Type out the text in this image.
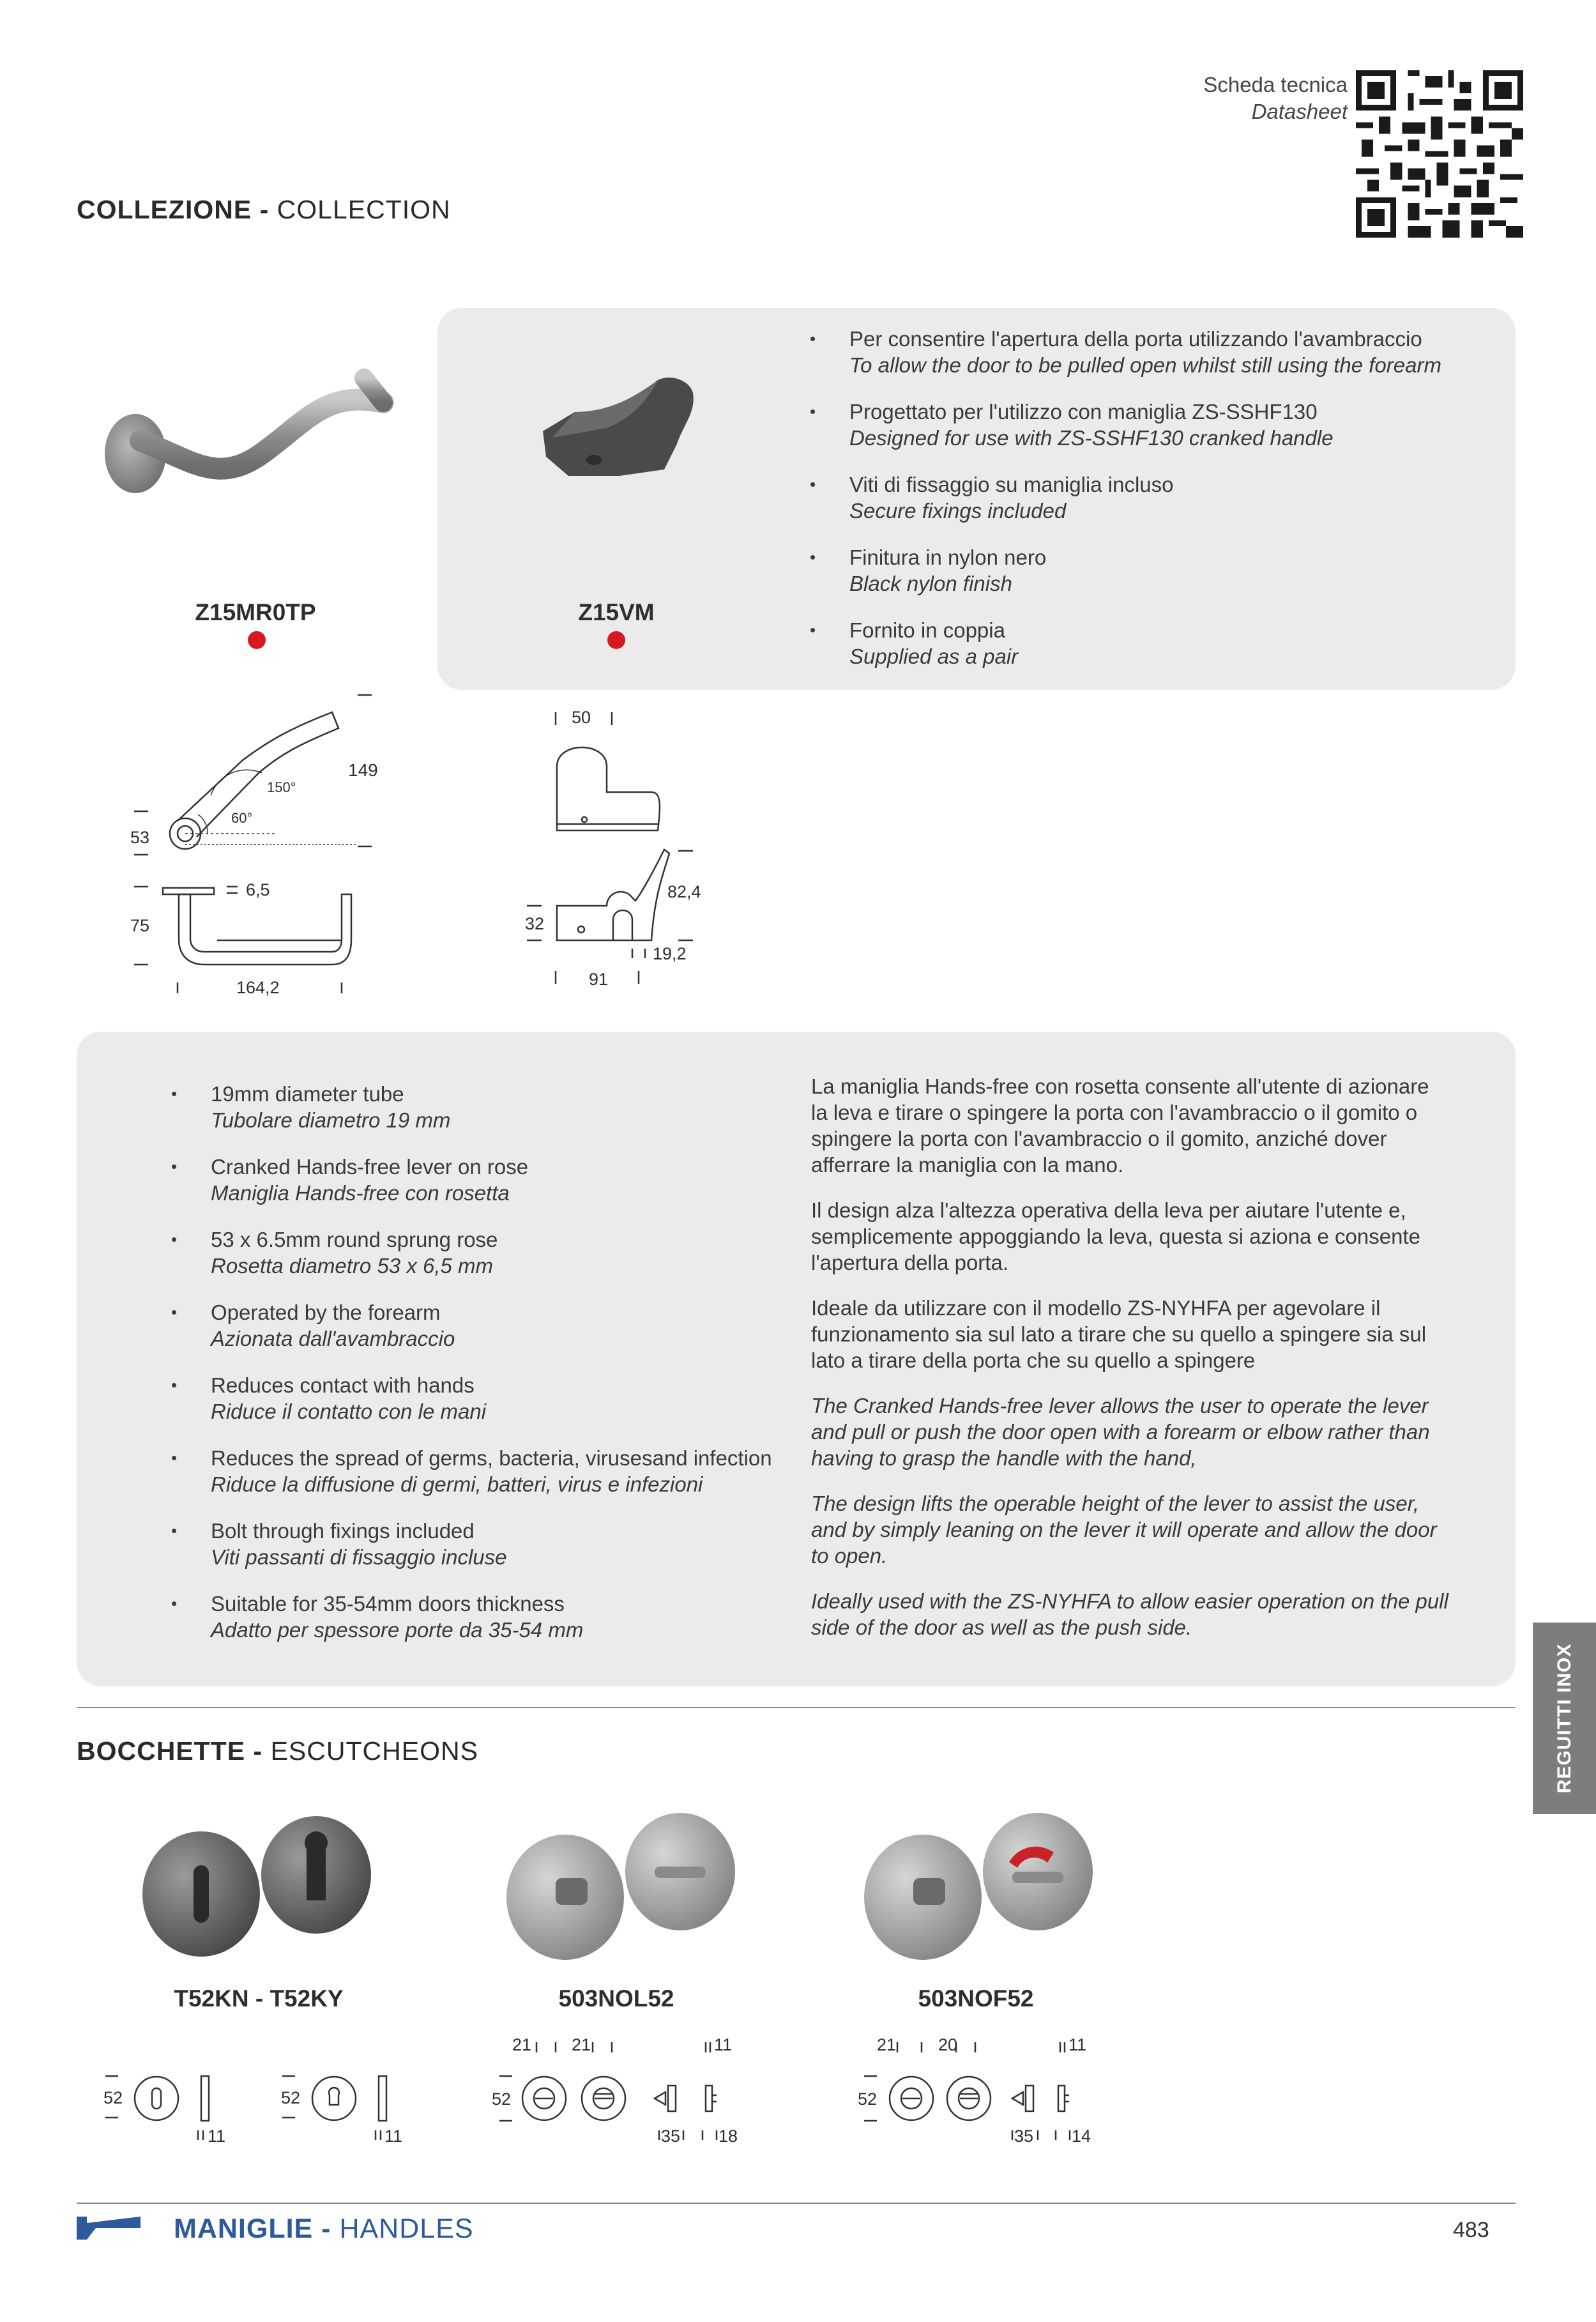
Scheda tecnica
Datasheet
COLLEZIONE - COLLECTION
Z15MR0TP	Z15VM
• Per consentire l'apertura della porta utilizzando l'avambraccio
To allow the door to be pulled open whilst still using the forearm
• Progettato per l'utilizzo con maniglia ZS-SSHF130
Designed for use with ZS-SSHF130 cranked handle
• Viti di fissaggio su maniglia incluso
Secure fixings included
• Finitura in nylon nero
Black nylon finish
• Fornito in coppia
Supplied as a pair
149
150°
60°
53
6,5
75
164,2
50
82,4
32
19,2
91
• 19mm diameter tube
Tubolare diametro 19 mm
• Cranked Hands-free lever on rose
Maniglia Hands-free con rosetta
• 53 x 6.5mm round sprung rose
Rosetta diametro 53 x 6,5 mm
• Operated by the forearm
Azionata dall'avambraccio
• Reduces contact with hands
Riduce il contatto con le mani
• Reduces the spread of germs, bacteria, virusesand infection
Riduce la diffusione di germi, batteri, virus e infezioni
• Bolt through fixings included
Viti passanti di fissaggio incluse
• Suitable for 35-54mm doors thickness
Adatto per spessore porte da 35-54 mm

La maniglia Hands-free con rosetta consente all'utente di azionare la leva e tirare o spingere la porta con l'avambraccio o il gomito o spingere la porta con l'avambraccio o il gomito, anziché dover afferrare la maniglia con la mano.

Il design alza l'altezza operativa della leva per aiutare l'utente e, semplicemente appoggiando la leva, questa si aziona e consente l'apertura della porta.

Ideale da utilizzare con il modello ZS-NYHFA per agevolare il funzionamento sia sul lato a tirare che su quello a spingere sia sul lato a tirare della porta che su quello a spingere

The Cranked Hands-free lever allows the user to operate the lever and pull or push the door open with a forearm or elbow rather than having to grasp the handle with the hand,

The design lifts the operable height of the lever to assist the user, and by simply leaning on the lever it will operate and allow the door to open.

Ideally used with the ZS-NYHFA to allow easier operation on the pull side of the door as well as the push side.

REGUITTI INOX
BOCCHETTE - ESCUTCHEONS
T52KN - T52KY	503NOL52	503NOF52
52
11
52
11
21 21	11
52
35 18
21 20	11
52
35 14
MANIGLIE - HANDLES	483
